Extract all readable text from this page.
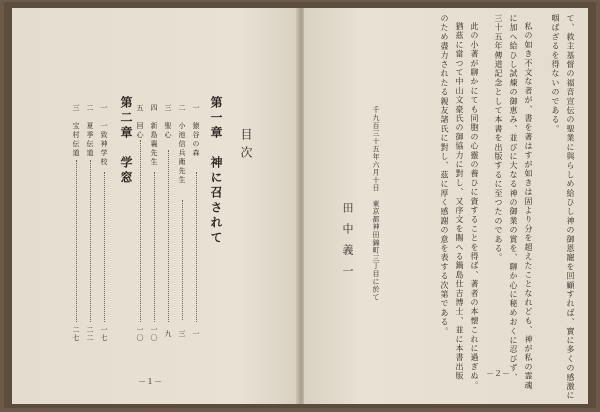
目次
第一章　神に召されて
一　猿谷の森
一
二　小池信兵衛先生
三
三　聖心
九
四　新島襄先生
一〇
五　回心
一〇
第二章　学窓
一　一致神学校
一七
二　夏季伝道
二二
三　宝村伝道
二七
－１－	て、救主基督の福音宣伝の聖業に與らしめ給ひし神の御恩寵を回顧すれば、實に多くの感激に
咽ばざるを得ないのである。
私の如き不文な者が、書を著はすが如きは固より分を超えたことなれども、神が私の霊魂
に加へ給ひし試煉の御恵み、並びに大なる神の御業の賞を、聊か心に秘めおくに忍びず、
三十五年傳道記念として本書を出版するに至つたのである。
此の小著が聊かにても同胞の心靈の養ひに資することを得ば、著者の本懐これに過ぎぬ。
猶茲に當つて中山文豪氏の御協力に對し、又序文を賜へる鍋島仕吉博士、並に本書出版
のため盡力されたる親友諸氏に對し、茲に厚く感謝の意を表する次第である。
千九百三十五年六月十日　東京都神田錦町三丁目に於て
田中義一
－２－
